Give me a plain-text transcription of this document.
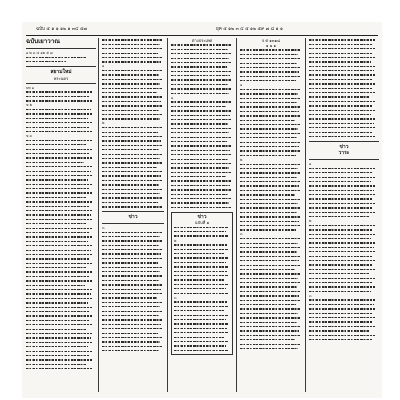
ฉบับ ๕ ๑ ๑ ๑๒ ๑ ๓๔ ๕๗	ยุค ๕ ๑๒ ๓ ๔ ๕ ๑๒ ๕๙ ๗ ๘ ๑ ๑
ฉบับเยาวาณ
๑ ๒ ๓ ๔ ๑๒ ๕ ๗
สยามใหม่
พระนคร
บท ๑
ข ๒
ข ๓
๑
๒
ข่าว
๓
ต่างประเทศ
๑
ข่าว
ฉบับที่ ๑
๒
๓
จ ศ ๑๓๑๘
๑ ๑ ๑
๑
๒
๓
ข่าว
วาระ
๑
๒
๓
